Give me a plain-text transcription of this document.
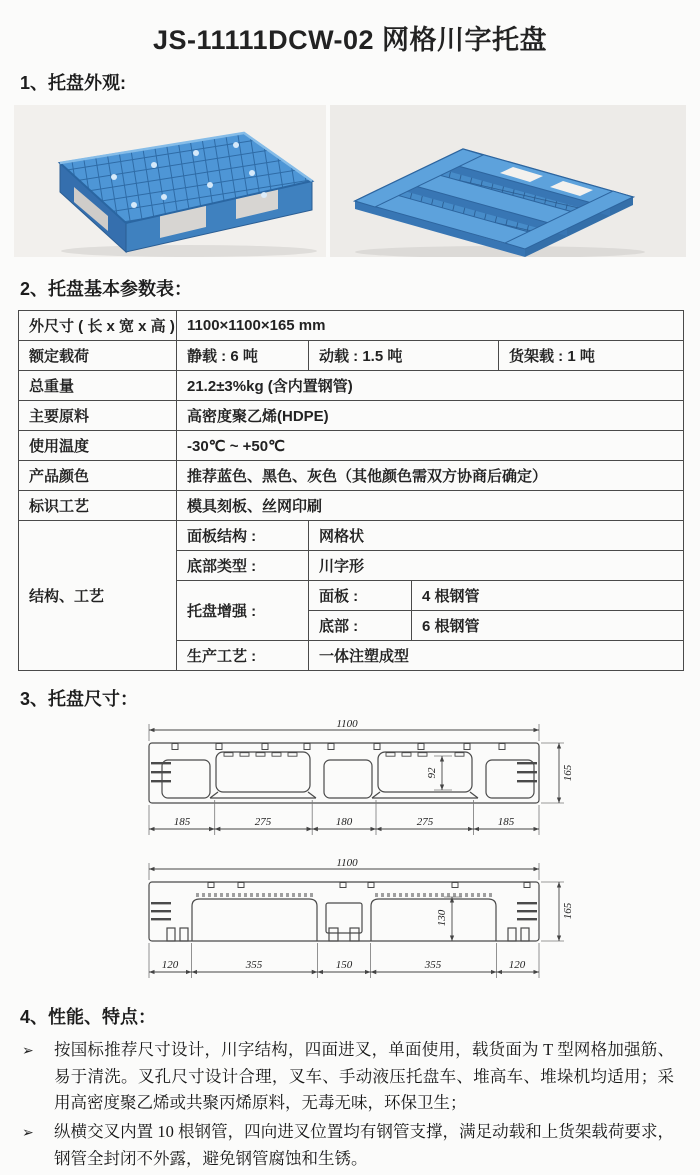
JS-11111DCW-02 网格川字托盘
1、托盘外观:
2、托盘基本参数表：
外尺寸 ( 长 x 宽 x 高 )	1100×1100×165 mm			
额定载荷	静载 : 6 吨	动载 : 1.5 吨		货架载 : 1 吨
总重量	21.2±3%kg (含内置钢管)			
主要原料	高密度聚乙烯(HDPE)			
使用温度	-30℃ ~ +50℃			
产品颜色	推荐蓝色、黑色、灰色（其他颜色需双方协商后确定）			
标识工艺	模具刻板、丝网印刷			
结构、工艺	面板结构 :	网格状		
	底部类型 :	川字形		
	托盘增强 :	面板 :	4 根钢管	
		底部 :	6 根钢管	
	生产工艺 :	一体注塑成型		
3、托盘尺寸：
1100
92	165
185	275	180	275	185
1100
130	165
120	355	150	355	120
4、性能、特点：
➢	按国标推荐尺寸设计，川字结构，四面进叉，单面使用，载货面为 T 型网格加强筋、易于清洗。叉孔尺寸设计合理，叉车、手动液压托盘车、堆高车、堆垛机均适用；采用高密度聚乙烯或共聚丙烯原料，无毒无味，环保卫生；
➢	纵横交叉内置 10 根钢管，四向进叉位置均有钢管支撑，满足动载和上货架载荷要求，钢管全封闭不外露，避免钢管腐蚀和生锈。
